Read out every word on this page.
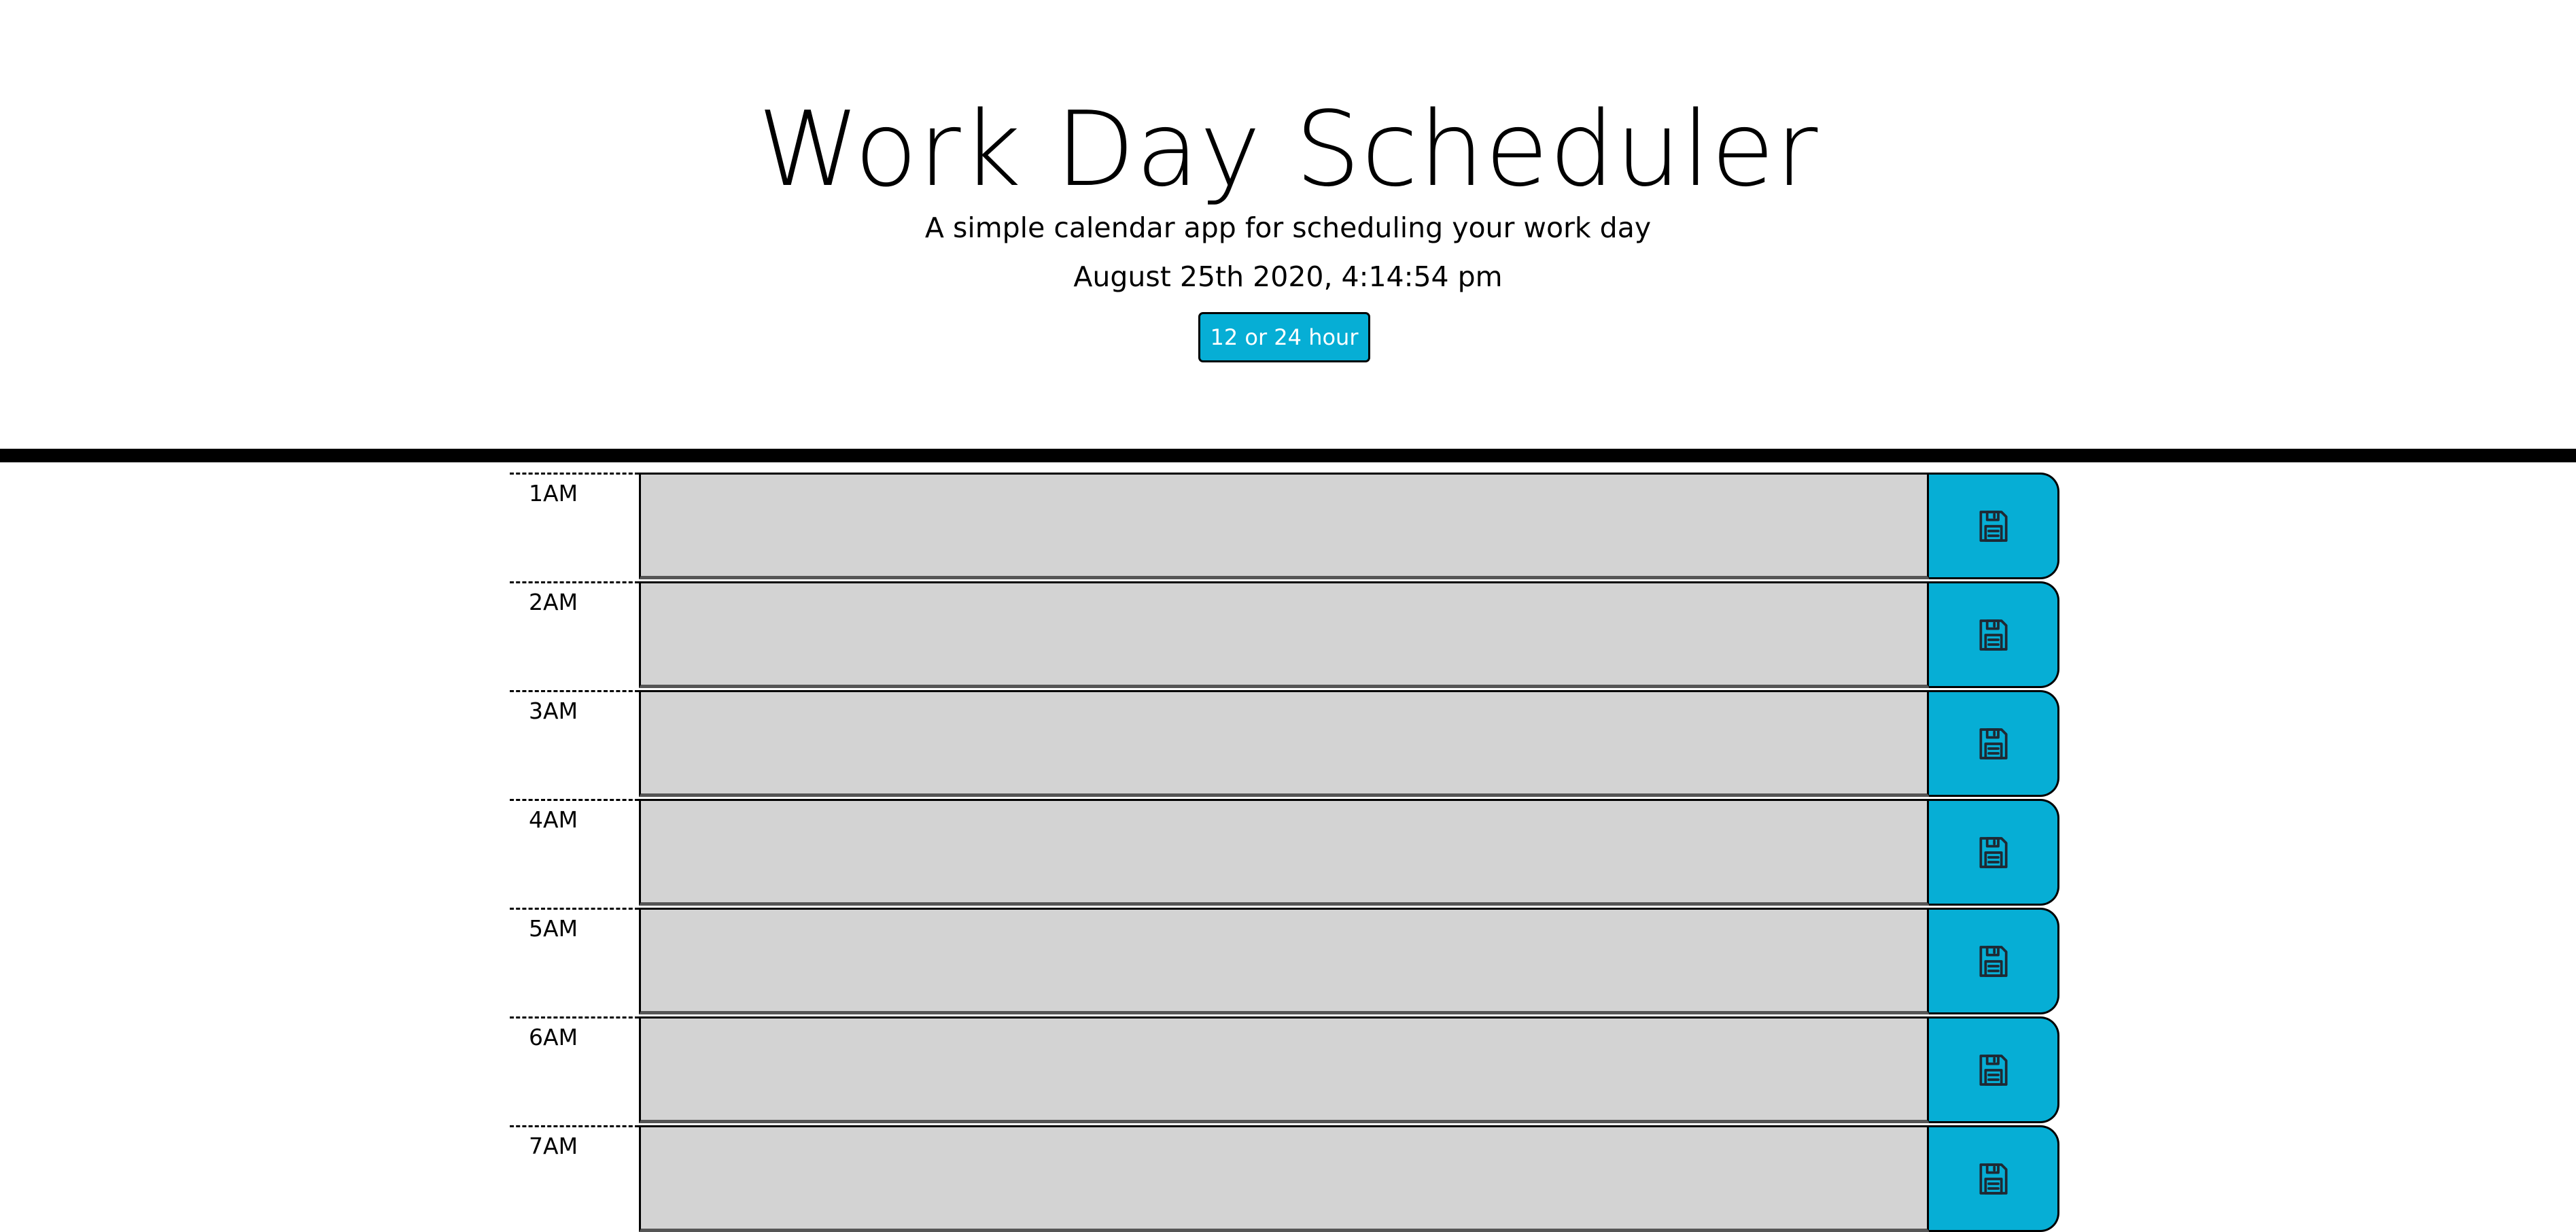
Work Day Scheduler
A simple calendar app for scheduling your work day
August 25th 2020, 4:14:54 pm
12 or 24 hour
1AM
2AM
3AM
4AM
5AM
6AM
7AM
